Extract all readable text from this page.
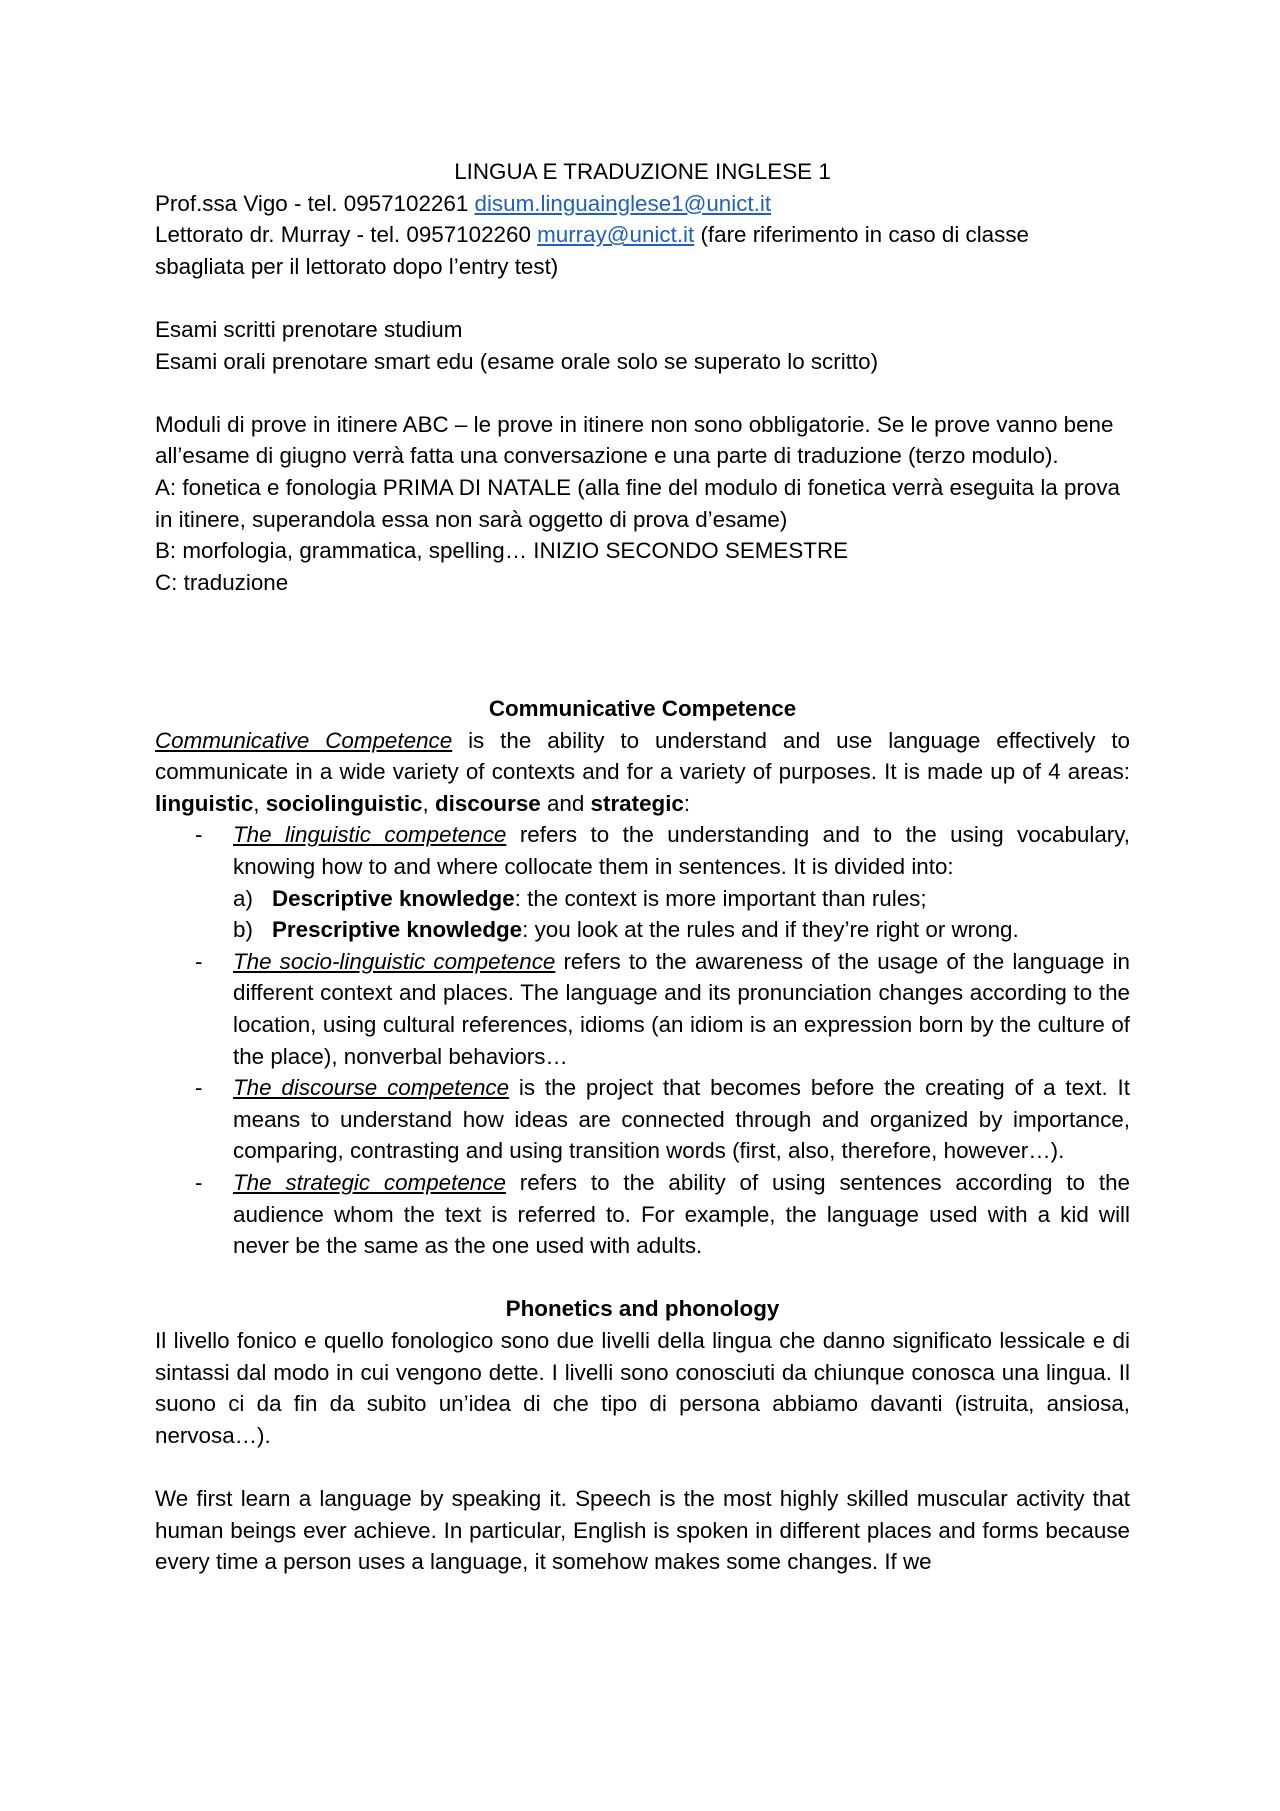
LINGUA E TRADUZIONE INGLESE 1
Prof.ssa Vigo - tel. 0957102261 disum.linguainglese1@unict.it
Lettorato dr. Murray - tel. 0957102260 murray@unict.it (fare riferimento in caso di classe
sbagliata per il lettorato dopo l’entry test)
Esami scritti prenotare studium
Esami orali prenotare smart edu (esame orale solo se superato lo scritto)
Moduli di prove in itinere ABC – le prove in itinere non sono obbligatorie. Se le prove vanno bene all’esame di giugno verrà fatta una conversazione e una parte di traduzione (terzo modulo).
A: fonetica e fonologia PRIMA DI NATALE (alla fine del modulo di fonetica verrà eseguita la prova in itinere, superandola essa non sarà oggetto di prova d’esame)
B: morfologia, grammatica, spelling… INIZIO SECONDO SEMESTRE
C: traduzione
Communicative Competence
Communicative Competence is the ability to understand and use language effectively to communicate in a wide variety of contexts and for a variety of purposes. It is made up of 4 areas: linguistic, sociolinguistic, discourse and strategic:
- The linguistic competence refers to the understanding and to the using vocabulary, knowing how to and where collocate them in sentences. It is divided into:
a) Descriptive knowledge: the context is more important than rules;
b) Prescriptive knowledge: you look at the rules and if they’re right or wrong.
- The socio-linguistic competence refers to the awareness of the usage of the language in different context and places. The language and its pronunciation changes according to the location, using cultural references, idioms (an idiom is an expression born by the culture of the place), nonverbal behaviors…
- The discourse competence is the project that becomes before the creating of a text. It means to understand how ideas are connected through and organized by importance, comparing, contrasting and using transition words (first, also, therefore, however…).
- The strategic competence refers to the ability of using sentences according to the audience whom the text is referred to. For example, the language used with a kid will never be the same as the one used with adults.
Phonetics and phonology
Il livello fonico e quello fonologico sono due livelli della lingua che danno significato lessicale e di sintassi dal modo in cui vengono dette. I livelli sono conosciuti da chiunque conosca una lingua. Il suono ci da fin da subito un’idea di che tipo di persona abbiamo davanti (istruita, ansiosa, nervosa…).
We first learn a language by speaking it. Speech is the most highly skilled muscular activity that human beings ever achieve. In particular, English is spoken in different places and forms because every time a person uses a language, it somehow makes some changes. If we
